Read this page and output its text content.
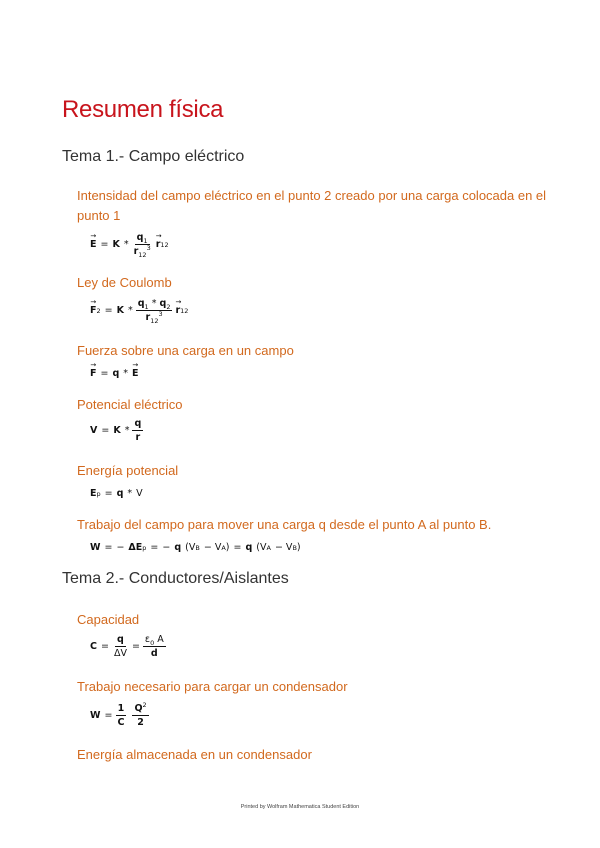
Resumen física
Tema 1.- Campo eléctrico
Intensidad del campo eléctrico en el punto 2 creado por una carga colocada en el punto 1
→ $E = K * \frac{q_1}{r_{12}^3}$
→ r 12
Ley de Coulomb
→ F $2 = K * \frac{q_1 * q_2}{r_{12}^3}$
→ r 12
Fuerza sobre una carga en un campo
→ F = q *
→ E
Potencial eléctrico
$V = K * \frac{q}{r}$
Energía potencial
E p = q * V
Trabajo del campo para mover una carga q desde el punto A al punto B.
W = − ΔE p = − q (V B − V A ) = q (V A − V B )
Tema 2.- Conductores/Aislantes
Capacidad
$C = \frac{q}{\Delta V} = \frac{\varepsilon_0 A}{d}$
Trabajo necesario para cargar un condensador
$W = \frac{1}{C} \frac{Q^2}{2}$
Energía almacenada en un condensador
Printed by Wolfram Mathematica Student Edition
